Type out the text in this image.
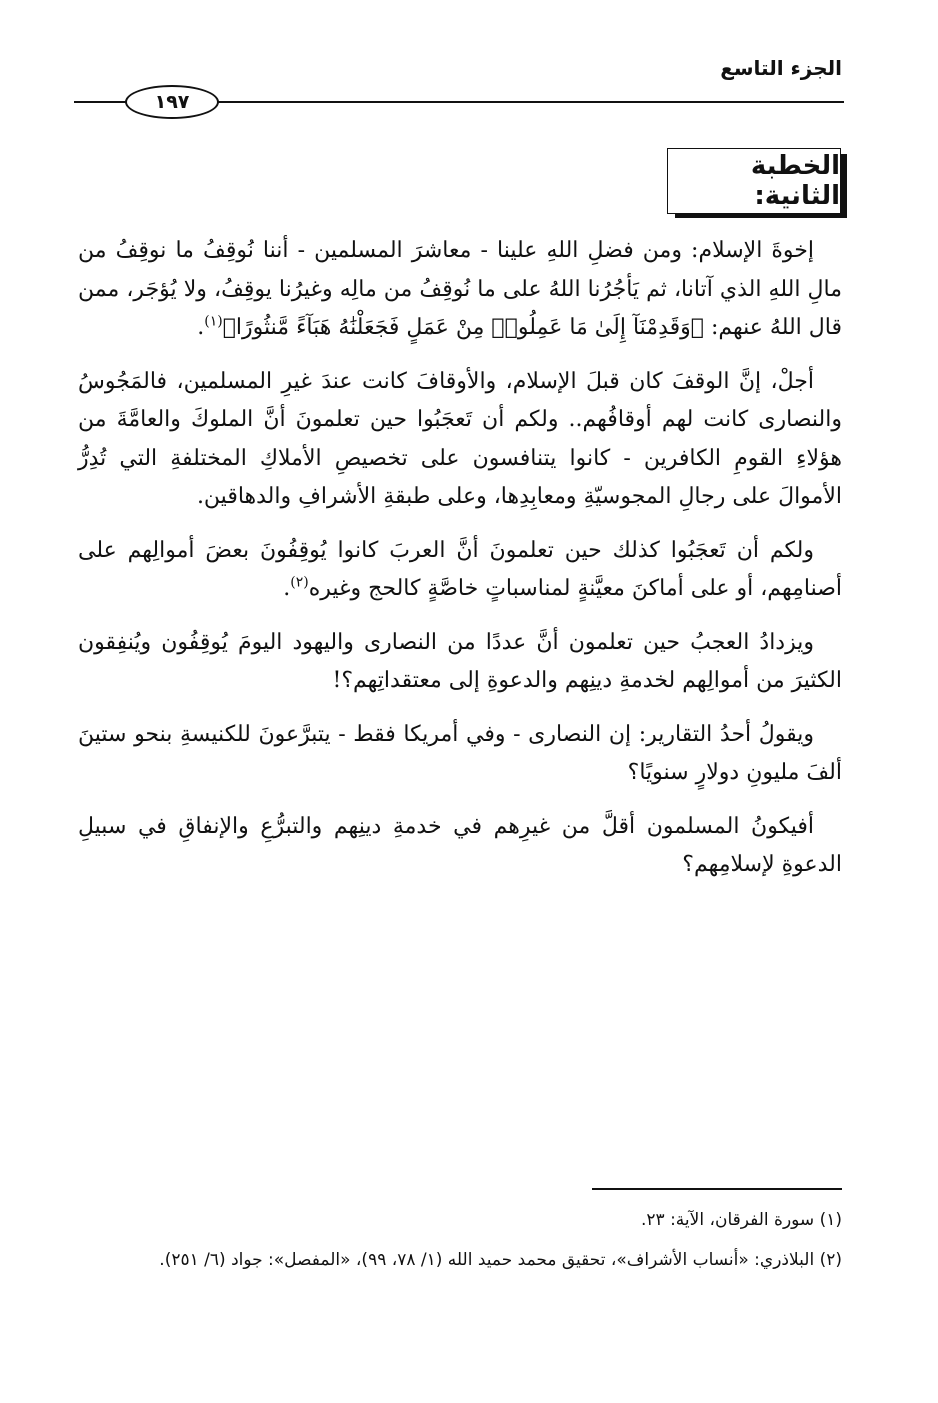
الجزء التاسع
١٩٧
الخطبة الثانية:

إخوةَ الإسلام: ومن فضلِ اللهِ علينا - معاشرَ المسلمين - أننا نُوقِفُ ما نوقِفُ من مالِ اللهِ الذي آتانا، ثم يَأجُرُنا اللهُ على ما نُوقِفُ من مالِه وغيرُنا يوقِفُ، ولا يُؤجَر، ممن قال اللهُ عنهم: ﴿وَقَدِمْنَآ إِلَىٰ مَا عَمِلُوا۟ مِنْ عَمَلٍ فَجَعَلْنَٰهُ هَبَآءً مَّنثُورًا﴾$^{(١)}$.

أجلْ، إنَّ الوقفَ كان قبلَ الإسلام، والأوقافَ كانت عندَ غيرِ المسلمين، فالمَجُوسُ والنصارى كانت لهم أوقافُهم.. ولكم أن تَعجَبُوا حين تعلمونَ أنَّ الملوكَ والعامَّةَ من هؤلاءِ القومِ الكافرين - كانوا يتنافسون على تخصيصِ الأملاكِ المختلفةِ التي تُدِرُّ الأموالَ على رجالِ المجوسيّةِ ومعابِدِها، وعلى طبقةِ الأشرافِ والدهاقين.

ولكم أن تَعجَبُوا كذلك حين تعلمونَ أنَّ العربَ كانوا يُوقِفُونَ بعضَ أموالِهم على أصنامِهم، أو على أماكنَ معيَّنةٍ لمناسباتٍ خاصَّةٍ كالحج وغيره$^{(٢)}$.

ويزدادُ العجبُ حين تعلمون أنَّ عددًا من النصارى واليهود اليومَ يُوقِفُون ويُنفِقون الكثيرَ من أموالِهم لخدمةِ دينِهم والدعوةِ إلى معتقداتِهم؟!

ويقولُ أحدُ التقارير: إن النصارى - وفي أمريكا فقط - يتبرَّعونَ للكنيسةِ بنحو ستينَ ألفَ مليونِ دولارٍ سنويًا؟

أفيكونُ المسلمون أقلَّ من غيرِهم في خدمةِ دينِهم والتبرُّعِ والإنفاقِ في سبيلِ الدعوةِ لإسلامِهم؟

(١) سورة الفرقان، الآية: ٢٣.

(٢) البلاذري: «أنساب الأشراف»، تحقيق محمد حميد الله (١/ ٧٨، ٩٩)، «المفصل»: جواد (٦/ ٢٥١).
